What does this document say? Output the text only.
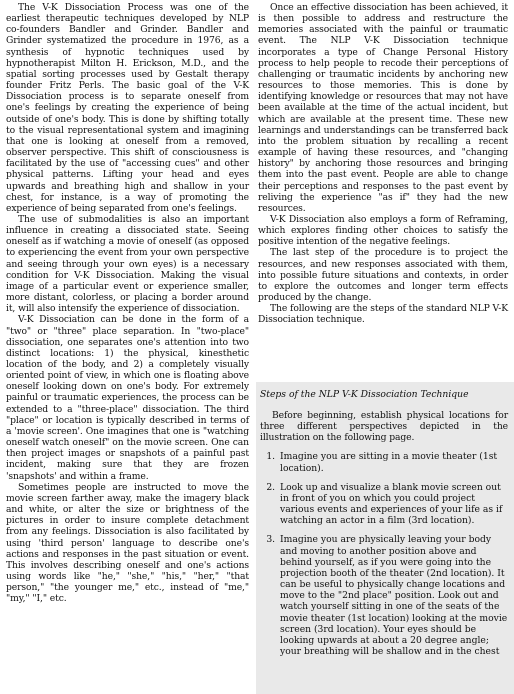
The V-K Dissociation Process was one of the earliest therapeutic techniques developed by NLP co-founders Bandler and Grinder. Bandler and Grinder systematized the procedure in 1976, as a synthesis of hypnotic techniques used by hypnotherapist Milton H. Erickson, M.D., and the spatial sorting processes used by Gestalt therapy founder Fritz Perls. The basic goal of the V-K Dissociation process is to separate oneself from one's feelings by creating the experience of being outside of one's body. This is done by shifting totally to the visual representational system and imagining that one is looking at oneself from a removed, observer perspective. This shift of consciousness is facilitated by the use of "accessing cues" and other physical patterns. Lifting your head and eyes upwards and breathing high and shallow in your chest, for instance, is a way of promoting the experience of being separated from one's feelings.

The use of submodalities is also an important influence in creating a dissociated state. Seeing oneself as if watching a movie of oneself (as opposed to experiencing the event from your own perspective and seeing through your own eyes) is a necessary condition for V-K Dissociation. Making the visual image of a particular event or experience smaller, more distant, colorless, or placing a border around it, will also intensify the experience of dissociation.

V-K Dissociation can be done in the form of a "two" or "three" place separation. In "two-place" dissociation, one separates one's attention into two distinct locations: 1) the physical, kinesthetic location of the body, and 2) a completely visually oriented point of view, in which one is floating above oneself looking down on one's body. For extremely painful or traumatic experiences, the process can be extended to a "three-place" dissociation. The third "place" or location is typically described in terms of a 'movie screen'. One imagines that one is "watching oneself watch oneself" on the movie screen. One can then project images or snapshots of a painful past incident, making sure that they are frozen 'snapshots' and within a frame.

Sometimes people are instructed to move the movie screen farther away, make the imagery black and white, or alter the size or brightness of the pictures in order to insure complete detachment from any feelings. Dissociation is also facilitated by using 'third person' language to describe one's actions and responses in the past situation or event. This involves describing oneself and one's actions using words like "he," "she," "his," "her," "that person," "the younger me," etc., instead of "me," "my," "I," etc.

Once an effective dissociation has been achieved, it is then possible to address and restructure the memories associated with the painful or traumatic event. The NLP V-K Dissociation technique incorporates a type of Change Personal History process to help people to recode their perceptions of challenging or traumatic incidents by anchoring new resources to those memories. This is done by identifying knowledge or resources that may not have been available at the time of the actual incident, but which are available at the present time. These new learnings and understandings can be transferred back into the problem situation by recalling a recent example of having these resources, and "changing history" by anchoring those resources and bringing them into the past event. People are able to change their perceptions and responses to the past event by reliving the experience "as if" they had the new resources.

V-K Dissociation also employs a form of Reframing, which explores finding other choices to satisfy the positive intention of the negative feelings.

The last step of the procedure is to project the resources, and new responses associated with them, into possible future situations and contexts, in order to explore the outcomes and longer term effects produced by the change.

The following are the steps of the standard NLP V-K Dissociation technique.

Steps of the NLP V-K Dissociation Technique

Before beginning, establish physical locations for three different perspectives depicted in the illustration on the following page.

1. Imagine you are sitting in a movie theater (1st location).
2. Look up and visualize a blank movie screen out in front of you on which you could project various events and experiences of your life as if watching an actor in a film (3rd location).
3. Imagine you are physically leaving your body and moving to another position above and behind yourself, as if you were going into the projection booth of the theater (2nd location). It can be useful to physically change locations and move to the "2nd place" position. Look out and watch yourself sitting in one of the seats of the movie theater (1st location) looking at the movie screen (3rd location). Your eyes should be looking upwards at about a 20 degree angle; your breathing will be shallow and in the chest
